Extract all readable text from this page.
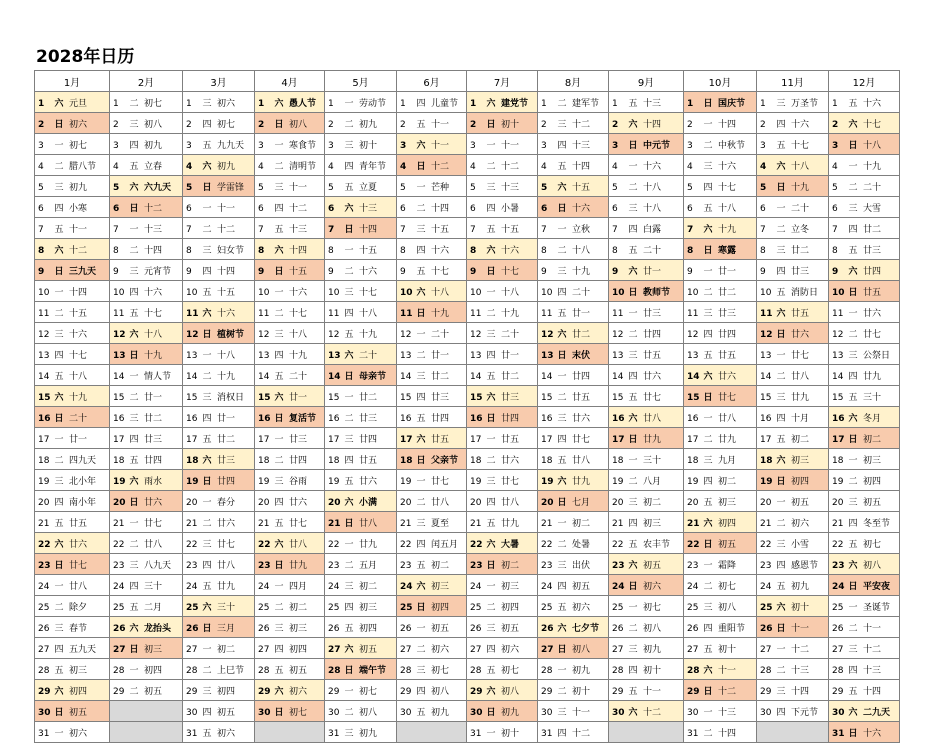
2028年日历
1月	2月	3月	4月	5月	6月	7月	8月	9月	10月	11月	12月
1 六 元旦	1 二 初七	1 三 初六	1 六 愚人节	1 一 劳动节	1 四 儿童节	1 六 建党节	1 二 建军节	1 五 十三	1 日 国庆节	1 三 万圣节	1 五 十六
2 日 初六	2 三 初八	2 四 初七	2 日 初八	2 二 初九	2 五 十一	2 日 初十	2 三 十二	2 六 十四	2 一 十四	2 四 十六	2 六 十七
3 一 初七	3 四 初九	3 五 九九天	3 一 寒食节	3 三 初十	3 六 十一	3 一 十一	3 四 十三	3 日 中元节	3 二 中秋节	3 五 十七	3 日 十八
4 二 腊八节	4 五 立春	4 六 初九	4 二 清明节	4 四 青年节	4 日 十二	4 二 十二	4 五 十四	4 一 十六	4 三 十六	4 六 十八	4 一 十九
5 三 初九	5 六 六九天	5 日 学雷锋	5 三 十一	5 五 立夏	5 一 芒种	5 三 十三	5 六 十五	5 二 十八	5 四 十七	5 日 十九	5 二 二十
6 四 小寒	6 日 十二	6 一 十一	6 四 十二	6 六 十三	6 二 十四	6 四 小暑	6 日 十六	6 三 十八	6 五 十八	6 一 二十	6 三 大雪
7 五 十一	7 一 十三	7 二 十二	7 五 十三	7 日 十四	7 三 十五	7 五 十五	7 一 立秋	7 四 白露	7 六 十九	7 二 立冬	7 四 廿二
8 六 十二	8 二 十四	8 三 妇女节	8 六 十四	8 一 十五	8 四 十六	8 六 十六	8 二 十八	8 五 二十	8 日 寒露	8 三 廿二	8 五 廿三
9 日 三九天	9 三 元宵节	9 四 十四	9 日 十五	9 二 十六	9 五 十七	9 日 十七	9 三 十九	9 六 廿一	9 一 廿一	9 四 廿三	9 六 廿四
10 一 十四	10 四 十六	10 五 十五	10 一 十六	10 三 十七	10 六 十八	10 一 十八	10 四 二十	10 日 教师节	10 二 廿二	10 五 消防日	10 日 廿五
11 二 十五	11 五 十七	11 六 十六	11 二 十七	11 四 十八	11 日 十九	11 二 十九	11 五 廿一	11 一 廿三	11 三 廿三	11 六 廿五	11 一 廿六
12 三 十六	12 六 十八	12 日 植树节	12 三 十八	12 五 十九	12 一 二十	12 三 二十	12 六 廿二	12 二 廿四	12 四 廿四	12 日 廿六	12 二 廿七
13 四 十七	13 日 十九	13 一 十八	13 四 十九	13 六 二十	13 二 廿一	13 四 廿一	13 日 末伏	13 三 廿五	13 五 廿五	13 一 廿七	13 三 公祭日
14 五 十八	14 一 情人节	14 二 十九	14 五 二十	14 日 母亲节	14 三 廿二	14 五 廿二	14 一 廿四	14 四 廿六	14 六 廿六	14 二 廿八	14 四 廿九
15 六 十九	15 二 廿一	15 三 消权日	15 六 廿一	15 一 廿二	15 四 廿三	15 六 廿三	15 二 廿五	15 五 廿七	15 日 廿七	15 三 廿九	15 五 三十
16 日 二十	16 三 廿二	16 四 廿一	16 日 复活节	16 二 廿三	16 五 廿四	16 日 廿四	16 三 廿六	16 六 廿八	16 一 廿八	16 四 十月	16 六 冬月
17 一 廿一	17 四 廿三	17 五 廿二	17 一 廿三	17 三 廿四	17 六 廿五	17 一 廿五	17 四 廿七	17 日 廿九	17 二 廿九	17 五 初二	17 日 初二
18 二 四九天	18 五 廿四	18 六 廿三	18 二 廿四	18 四 廿五	18 日 父亲节	18 二 廿六	18 五 廿八	18 一 三十	18 三 九月	18 六 初三	18 一 初三
19 三 北小年	19 六 雨水	19 日 廿四	19 三 谷雨	19 五 廿六	19 一 廿七	19 三 廿七	19 六 廿九	19 二 八月	19 四 初二	19 日 初四	19 二 初四
20 四 南小年	20 日 廿六	20 一 春分	20 四 廿六	20 六 小满	20 二 廿八	20 四 廿八	20 日 七月	20 三 初二	20 五 初三	20 一 初五	20 三 初五
21 五 廿五	21 一 廿七	21 二 廿六	21 五 廿七	21 日 廿八	21 三 夏至	21 五 廿九	21 一 初二	21 四 初三	21 六 初四	21 二 初六	21 四 冬至节
22 六 廿六	22 二 廿八	22 三 廿七	22 六 廿八	22 一 廿九	22 四 闰五月	22 六 大暑	22 二 处暑	22 五 农丰节	22 日 初五	22 三 小雪	22 五 初七
23 日 廿七	23 三 八九天	23 四 廿八	23 日 廿九	23 二 五月	23 五 初二	23 日 初二	23 三 出伏	23 六 初五	23 一 霜降	23 四 感恩节	23 六 初八
24 一 廿八	24 四 三十	24 五 廿九	24 一 四月	24 三 初二	24 六 初三	24 一 初三	24 四 初五	24 日 初六	24 二 初七	24 五 初九	24 日 平安夜
25 二 除夕	25 五 二月	25 六 三十	25 二 初二	25 四 初三	25 日 初四	25 二 初四	25 五 初六	25 一 初七	25 三 初八	25 六 初十	25 一 圣诞节
26 三 春节	26 六 龙抬头	26 日 三月	26 三 初三	26 五 初四	26 一 初五	26 三 初五	26 六 七夕节	26 二 初八	26 四 重阳节	26 日 十一	26 二 十一
27 四 五九天	27 日 初三	27 一 初二	27 四 初四	27 六 初五	27 二 初六	27 四 初六	27 日 初八	27 三 初九	27 五 初十	27 一 十二	27 三 十二
28 五 初三	28 一 初四	28 二 上巳节	28 五 初五	28 日 端午节	28 三 初七	28 五 初七	28 一 初九	28 四 初十	28 六 十一	28 二 十三	28 四 十三
29 六 初四	29 二 初五	29 三 初四	29 六 初六	29 一 初七	29 四 初八	29 六 初八	29 二 初十	29 五 十一	29 日 十二	29 三 十四	29 五 十四
30 日 初五		30 四 初五	30 日 初七	30 二 初八	30 五 初九	30 日 初九	30 三 十一	30 六 十二	30 一 十三	30 四 下元节	30 六 二九天
31 一 初六		31 五 初六		31 三 初九		31 一 初十	31 四 十二		31 二 十四		31 日 十六
